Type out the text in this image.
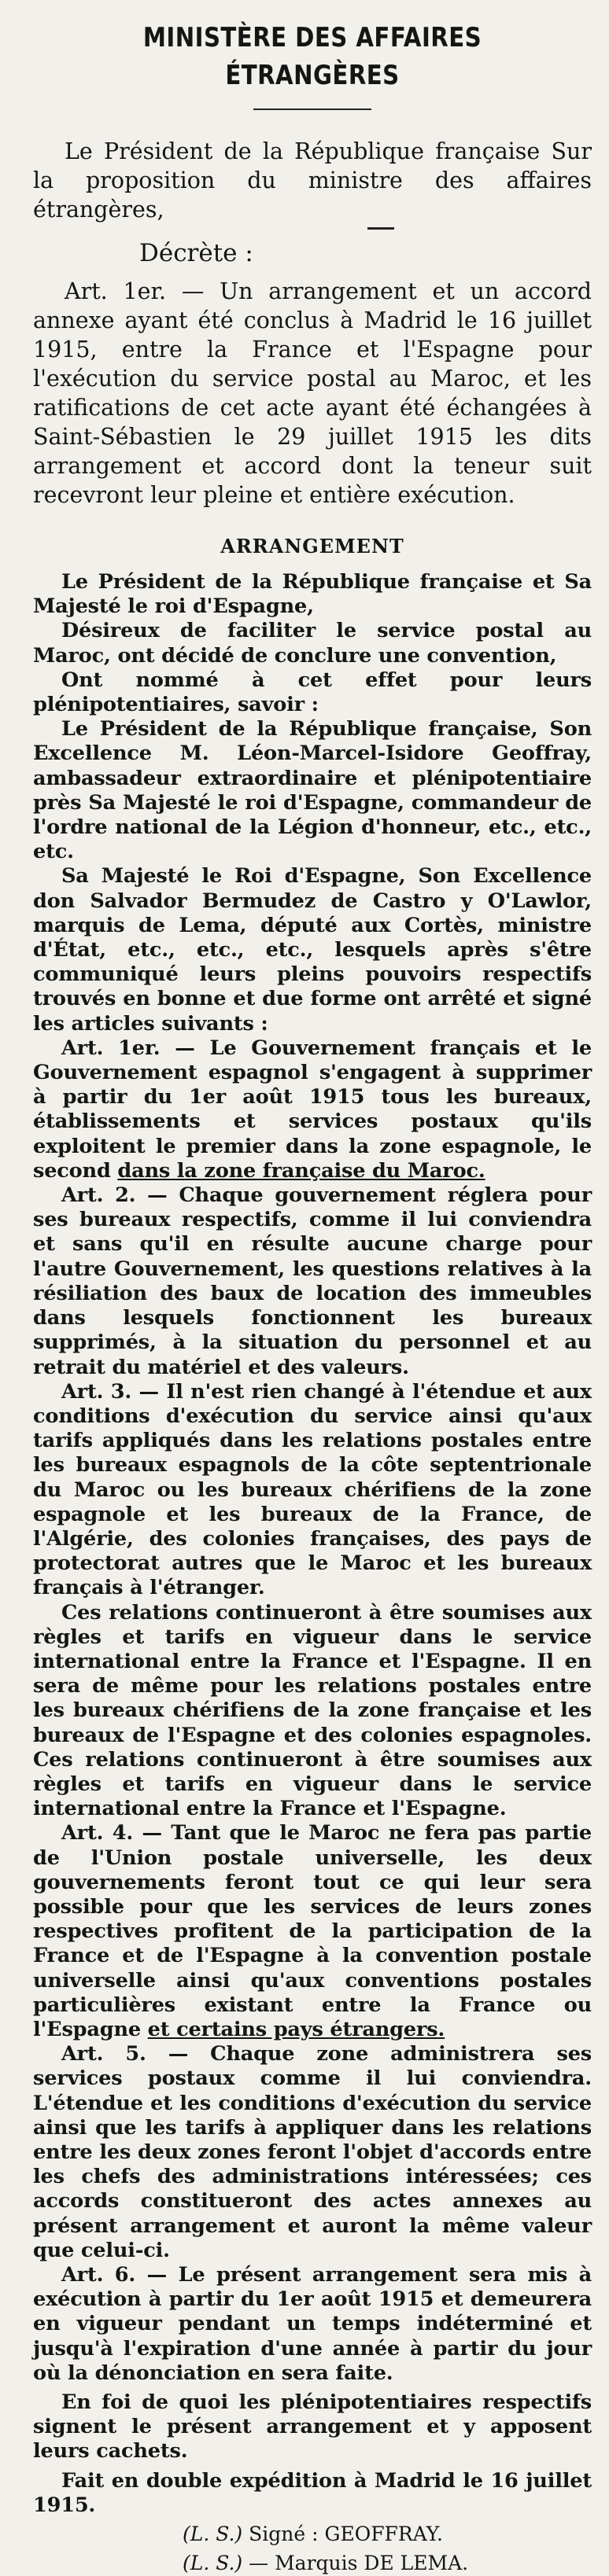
MINISTÈRE DES AFFAIRES ÉTRANGÈRES

Le Président de la République française Sur la proposition du ministre des affaires étrangères,

Décrète :

Art. 1er. — Un arrangement et un accord annexe ayant été conclus à Madrid le 16 juillet 1915, entre la France et l'Espagne pour l'exécution du service postal au Maroc, et les ratifications de cet acte ayant été échangées à Saint-Sébastien le 29 juillet 1915 les dits arrangement et accord dont la teneur suit recevront leur pleine et entière exécution.

ARRANGEMENT

Le Président de la République française et Sa Majesté le roi d'Espagne,

Désireux de faciliter le service postal au Maroc, ont décidé de conclure une convention,

Ont nommé à cet effet pour leurs plénipotentiaires, savoir :

Le Président de la République française, Son Excellence M. Léon-Marcel-Isidore Geoffray, ambassadeur extraordinaire et plénipotentiaire près Sa Majesté le roi d'Espagne, commandeur de l'ordre national de la Légion d'honneur, etc., etc., etc.

Sa Majesté le Roi d'Espagne, Son Excellence don Salvador Bermudez de Castro y O'Lawlor, marquis de Lema, député aux Cortès, ministre d'État, etc., etc., etc., lesquels après s'être communiqué leurs pleins pouvoirs respectifs trouvés en bonne et due forme ont arrêté et signé les articles suivants :

Art. 1er. — Le Gouvernement français et le Gouvernement espagnol s'engagent à supprimer à partir du 1er août 1915 tous les bureaux, établissements et services postaux qu'ils exploitent le premier dans la zone espagnole, le second dans la zone française du Maroc.

Art. 2. — Chaque gouvernement réglera pour ses bureaux respectifs, comme il lui conviendra et sans qu'il en résulte aucune charge pour l'autre Gouvernement, les questions relatives à la résiliation des baux de location des immeubles dans lesquels fonctionnent les bureaux supprimés, à la situation du personnel et au retrait du matériel et des valeurs.

Art. 3. — Il n'est rien changé à l'étendue et aux conditions d'exécution du service ainsi qu'aux tarifs appliqués dans les relations postales entre les bureaux espagnols de la côte septentrionale du Maroc ou les bureaux chérifiens de la zone espagnole et les bureaux de la France, de l'Algérie, des colonies françaises, des pays de protectorat autres que le Maroc et les bureaux français à l'étranger.

Ces relations continueront à être soumises aux règles et tarifs en vigueur dans le service international entre la France et l'Espagne. Il en sera de même pour les relations postales entre les bureaux chérifiens de la zone française et les bureaux de l'Espagne et des colonies espagnoles. Ces relations continueront à être soumises aux règles et tarifs en vigueur dans le service international entre la France et l'Espagne.

Art. 4. — Tant que le Maroc ne fera pas partie de l'Union postale universelle, les deux gouvernements feront tout ce qui leur sera possible pour que les services de leurs zones respectives profitent de la participation de la France et de l'Espagne à la convention postale universelle ainsi qu'aux conventions postales particulières existant entre la France ou l'Espagne et certains pays étrangers.

Art. 5. — Chaque zone administrera ses services postaux comme il lui conviendra. L'étendue et les conditions d'exécution du service ainsi que les tarifs à appliquer dans les relations entre les deux zones feront l'objet d'accords entre les chefs des administrations intéressées; ces accords constitueront des actes annexes au présent arrangement et auront la même valeur que celui-ci.

Art. 6. — Le présent arrangement sera mis à exécution à partir du 1er août 1915 et demeurera en vigueur pendant un temps indéterminé et jusqu'à l'expiration d'une année à partir du jour où la dénonciation en sera faite.

En foi de quoi les plénipotentiaires respectifs signent le présent arrangement et y apposent leurs cachets.

Fait en double expédition à Madrid le 16 juillet 1915.

(L. S.) Signé : GEOFFRAY.
(L. S.) — Marquis DE LEMA.
